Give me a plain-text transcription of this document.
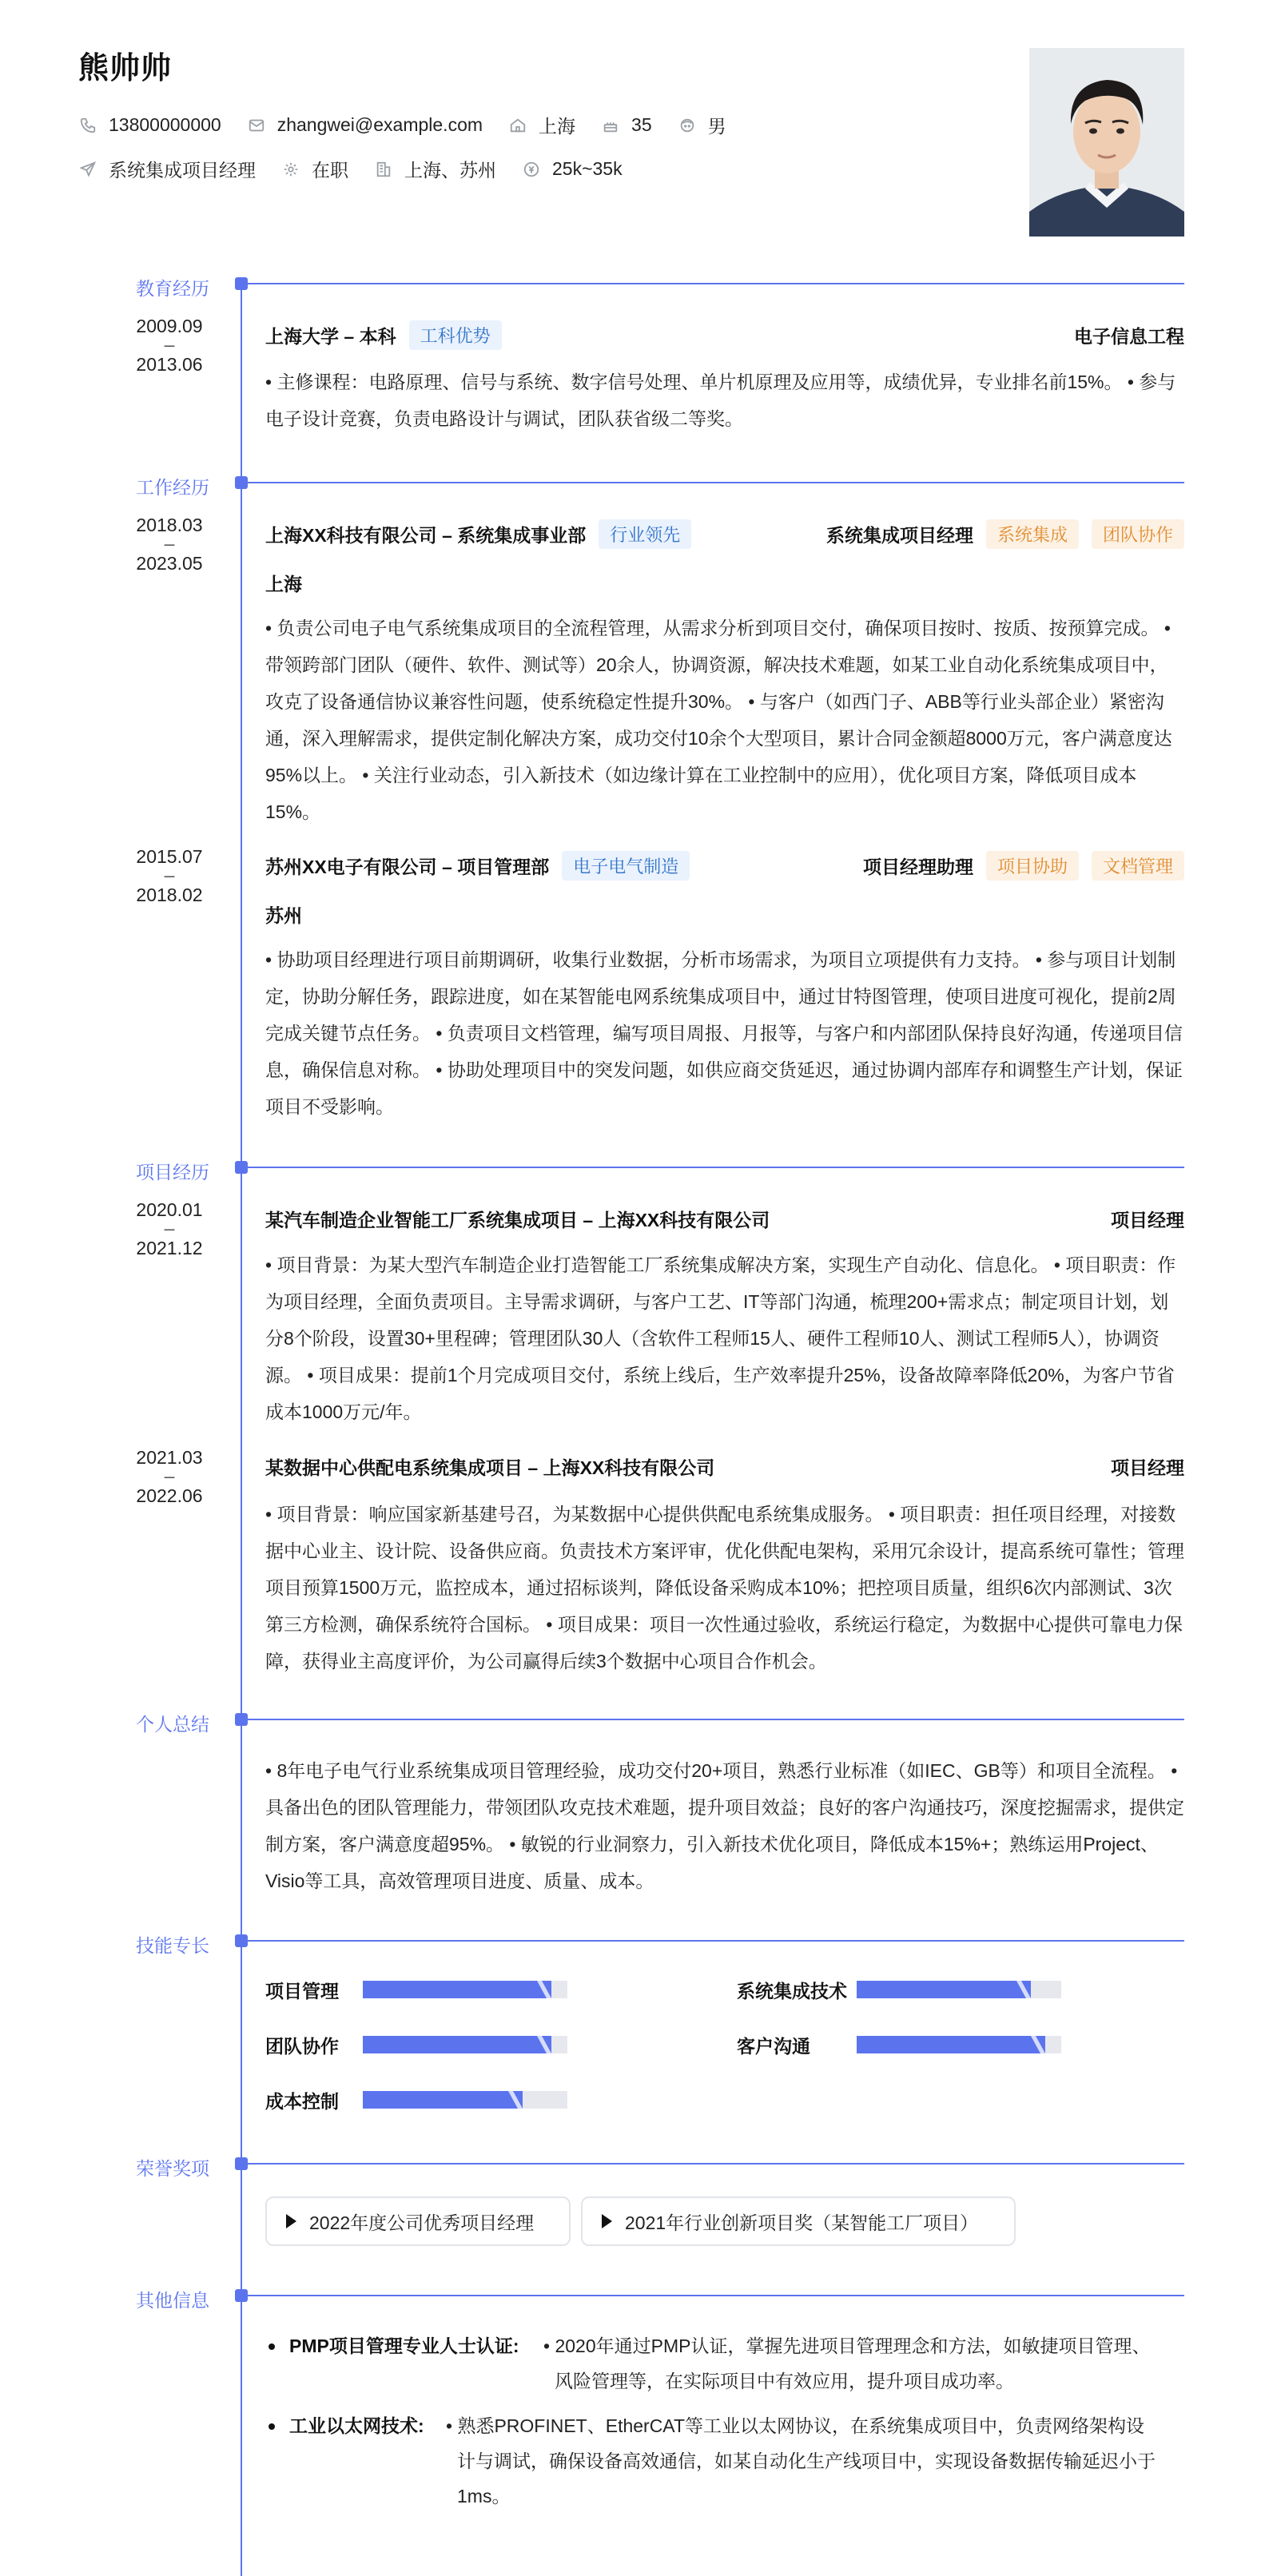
熊帅帅
13800000000	zhangwei@example.com	上海	35	男
系统集成项目经理	在职	上海、苏州	25k~35k
教育经历
2009.09
–
2013.06
上海大学 – 本科	工科优势	电子信息工程
• 主修课程：电路原理、信号与系统、数字信号处理、单片机原理及应用等，成绩优异，专业排名前15%。 • 参与电子设计竞赛，负责电路设计与调试，团队获省级二等奖。
工作经历
2018.03
–
2023.05
上海XX科技有限公司 – 系统集成事业部	行业领先	系统集成项目经理	系统集成	团队协作
上海
• 负责公司电子电气系统集成项目的全流程管理，从需求分析到项目交付，确保项目按时、按质、按预算完成。 • 带领跨部门团队（硬件、软件、测试等）20余人，协调资源，解决技术难题，如某工业自动化系统集成项目中，攻克了设备通信协议兼容性问题，使系统稳定性提升30%。 • 与客户（如西门子、ABB等行业头部企业）紧密沟通，深入理解需求，提供定制化解决方案，成功交付10余个大型项目，累计合同金额超8000万元，客户满意度达95%以上。 • 关注行业动态，引入新技术（如边缘计算在工业控制中的应用），优化项目方案，降低项目成本15%。
2015.07
–
2018.02
苏州XX电子有限公司 – 项目管理部	电子电气制造	项目经理助理	项目协助	文档管理
苏州
• 协助项目经理进行项目前期调研，收集行业数据，分析市场需求，为项目立项提供有力支持。 • 参与项目计划制定，协助分解任务，跟踪进度，如在某智能电网系统集成项目中，通过甘特图管理，使项目进度可视化，提前2周完成关键节点任务。 • 负责项目文档管理，编写项目周报、月报等，与客户和内部团队保持良好沟通，传递项目信息，确保信息对称。 • 协助处理项目中的突发问题，如供应商交货延迟，通过协调内部库存和调整生产计划，保证项目不受影响。
项目经历
2020.01
–
2021.12
某汽车制造企业智能工厂系统集成项目 – 上海XX科技有限公司	项目经理
• 项目背景：为某大型汽车制造企业打造智能工厂系统集成解决方案，实现生产自动化、信息化。 • 项目职责：作为项目经理，全面负责项目。主导需求调研，与客户工艺、IT等部门沟通，梳理200+需求点；制定项目计划，划分8个阶段，设置30+里程碑；管理团队30人（含软件工程师15人、硬件工程师10人、测试工程师5人），协调资源。 • 项目成果：提前1个月完成项目交付，系统上线后，生产效率提升25%，设备故障率降低20%，为客户节省成本1000万元/年。
2021.03
–
2022.06
某数据中心供配电系统集成项目 – 上海XX科技有限公司	项目经理
• 项目背景：响应国家新基建号召，为某数据中心提供供配电系统集成服务。 • 项目职责：担任项目经理，对接数据中心业主、设计院、设备供应商。负责技术方案评审，优化供配电架构，采用冗余设计，提高系统可靠性；管理项目预算1500万元，监控成本，通过招标谈判，降低设备采购成本10%；把控项目质量，组织6次内部测试、3次第三方检测，确保系统符合国标。 • 项目成果：项目一次性通过验收，系统运行稳定，为数据中心提供可靠电力保障，获得业主高度评价，为公司赢得后续3个数据中心项目合作机会。
个人总结
• 8年电子电气行业系统集成项目管理经验，成功交付20+项目，熟悉行业标准（如IEC、GB等）和项目全流程。 • 具备出色的团队管理能力，带领团队攻克技术难题，提升项目效益；良好的客户沟通技巧，深度挖掘需求，提供定制方案，客户满意度超95%。 • 敏锐的行业洞察力，引入新技术优化项目，降低成本15%+；熟练运用Project、Visio等工具，高效管理项目进度、质量、成本。
技能专长
项目管理	系统集成技术
团队协作	客户沟通
成本控制
荣誉奖项
2022年度公司优秀项目经理	2021年行业创新项目奖（某智能工厂项目）
其他信息
PMP项目管理专业人士认证: • 2020年通过PMP认证，掌握先进项目管理理念和方法，如敏捷项目管理、
风险管理等，在实际项目中有效应用，提升项目成功率。
工业以太网技术: • 熟悉PROFINET、EtherCAT等工业以太网协议，在系统集成项目中，负责网络架构设
计与调试，确保设备高效通信，如某自动化生产线项目中，实现设备数据传输延迟小于
1ms。
